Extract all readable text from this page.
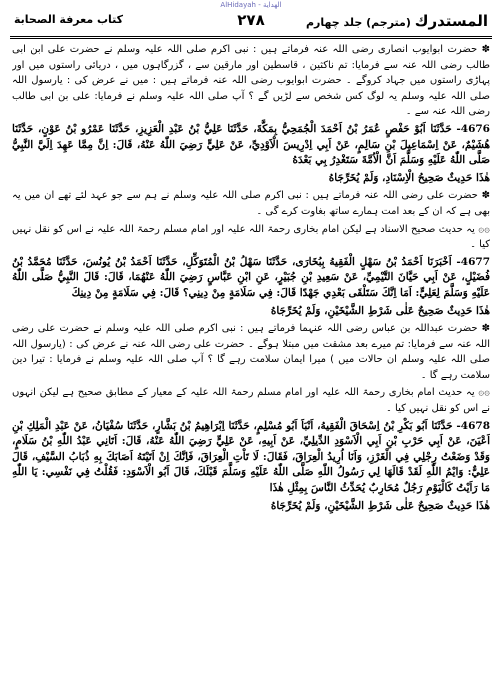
AlHidayah - الهداية
كتاب معرفة الصحابة	٢٧٨	المستدرك (مترجم) جلد چهارم

✽ حضرت ابوایوب انصاری رضی اللہ عنہ فرماتے ہیں : نبی اکرم صلی اللہ علیہ وسلم نے حضرت علی ابن ابی طالب رضی اللہ عنہ سے فرمایا: تم ناکثین ، قاسطین اور مارقین سے ، گزرگاہوں میں ، دریائی راستوں میں اور پہاڑی راستوں میں جہاد کروگے ۔ حضرت ابوایوب رضی اللہ عنہ فرماتے ہیں : میں نے عرض کی : یارسول اللہ صلی اللہ علیہ وسلم یہ لوگ کس شخص سے لڑیں گے ؟ آپ صلی اللہ علیہ وسلم نے فرمایا: علی بن ابی طالب رضی اللہ عنہ سے ۔

4676- حَدَّثَنَا اَبُوْ حَفْصٍ عُمَرُ بْنُ اَحْمَدَ الْجُمَحِيُّ بِمَكَّةَ، حَدَّثَنَا عَلِيُّ بْنُ عَبْدِ الْعَزِيزِ، حَدَّثَنَا عَمْرُو بْنُ عَوْنٍ، حَدَّثَنَا هُشَيْمٌ، عَنْ اِسْمَاعِيلَ بْنِ سَالِمٍ، عَنْ اَبِي اِدْرِيسَ الْاَوْدِيِّ، عَنْ عَلِيٍّ رَضِيَ اللّٰهُ عَنْهُ، قَالَ: اِنَّ مِمَّا عَهِدَ اِلَيَّ النَّبِيُّ صَلَّى اللّٰهُ عَلَيْهِ وَسَلَّمَ اَنَّ الْاُمَّةَ سَتَغْدِرُ بِي بَعْدَهُ

هٰذَا حَدِيثٌ صَحِيحُ الْاِسْنَادِ، وَلَمْ يُخَرِّجَاهُ

✽ حضرت علی رضی اللہ عنہ فرماتے ہیں : نبی اکرم صلی اللہ علیہ وسلم نے ہم سے جو عہد لئے تھے ان میں یہ بھی ہے کہ ان کے بعد امت ہمارے ساتھ بغاوت کرے گی ۔

۞۞ یہ حدیث صحیح الاسناد ہے لیکن امام بخاری رحمۃ اللہ علیہ اور امام مسلم رحمۃ اللہ علیہ نے اس کو نقل نہیں کیا ۔

4677- اَخْبَرَنَا اَحْمَدُ بْنُ سَهْلٍ الْفَقِيهُ بِبُخَارَى، حَدَّثَنَا سَهْلُ بْنُ الْمُتَوَكِّلِ، حَدَّثَنَا اَحْمَدُ بْنُ يُونُسَ، حَدَّثَنَا مُحَمَّدُ بْنُ فُضَيْلٍ، عَنْ اَبِي حَيَّانَ التَّيْمِيِّ، عَنْ سَعِيدِ بْنِ جُبَيْرٍ، عَنِ ابْنِ عَبَّاسٍ رَضِيَ اللّٰهُ عَنْهُمَا، قَالَ: قَالَ النَّبِيُّ صَلَّى اللّٰهُ عَلَيْهِ وَسَلَّمَ لِعَلِيٍّ: اَمَا اِنَّكَ سَتَلْقَى بَعْدِي جَهْدًا قَالَ: فِي سَلَامَةٍ مِنْ دِينِي؟ قَالَ: فِي سَلَامَةٍ مِنْ دِينِكَ

هٰذَا حَدِيثٌ صَحِيحٌ عَلٰى شَرْطِ الشَّيْخَيْنِ، وَلَمْ يُخَرِّجَاهُ

✽ حضرت عبداللہ بن عباس رضی اللہ عنہما فرماتے ہیں : نبی اکرم صلی اللہ علیہ وسلم نے حضرت علی رضی اللہ عنہ سے فرمایا: تم میرے بعد مشقت میں مبتلا ہوگے ۔ حضرت علی رضی اللہ عنہ نے عرض کی : (یارسول اللہ صلی اللہ علیہ وسلم ان حالات میں ) میرا ایمان سلامت رہے گا ؟ آپ صلی اللہ علیہ وسلم نے فرمایا : تیرا دین سلامت رہے گا ۔

۞۞ یہ حدیث امام بخاری رحمۃ اللہ علیہ اور امام مسلم رحمۃ اللہ علیہ کے معیار کے مطابق صحیح ہے لیکن انہوں نے اس کو نقل نہیں کیا ۔

4678- حَدَّثَنَا اَبُو بَكْرِ بْنُ اِسْحَاقَ الْفَقِيهُ، اَنْبَاَ اَبُو مُسْلِمٍ، حَدَّثَنَا اِبْرَاهِيمُ بْنُ بَشَّارٍ، حَدَّثَنَا سُفْيَانُ، عَنْ عَبْدِ الْمَلِكِ بْنِ اَعْيَنَ، عَنْ اَبِي حَرْبِ بْنِ اَبِي الْاَسْوَدِ الدِّيلِيِّ، عَنْ اَبِيهِ، عَنْ عَلِيٍّ رَضِيَ اللّٰهُ عَنْهُ، قَالَ: اَتَانِي عَبْدُ اللّٰهِ بْنُ سَلَامٍ، وَقَدْ وَضَعْتُ رِجْلِي فِي الْغَرْزِ، وَاَنَا اُرِيدُ الْعِرَاقَ، فَقَالَ: لَا تَاْتِ الْعِرَاقَ، فَاِنَّكَ اِنْ اَتَيْتَهُ اَصَابَكَ بِهِ ذُبَابُ السَّيْفِ، قَالَ عَلِيٌّ: وَايْمُ اللّٰهِ لَقَدْ قَالَهَا لِي رَسُولُ اللّٰهِ صَلَّى اللّٰهُ عَلَيْهِ وَسَلَّمَ قَبْلَكَ، قَالَ اَبُو الْاَسْوَدِ: فَقُلْتُ فِي نَفْسِي: يَا اللّٰهِ مَا رَاَيْتُ كَالْيَوْمِ رَجُلٌ مُحَارِبٌ يُحَدِّثُ النَّاسَ بِمِثْلِ هٰذَا

هٰذَا حَدِيثٌ صَحِيحٌ عَلٰى شَرْطِ الشَّيْخَيْنِ، وَلَمْ يُخَرِّجَاهُ
